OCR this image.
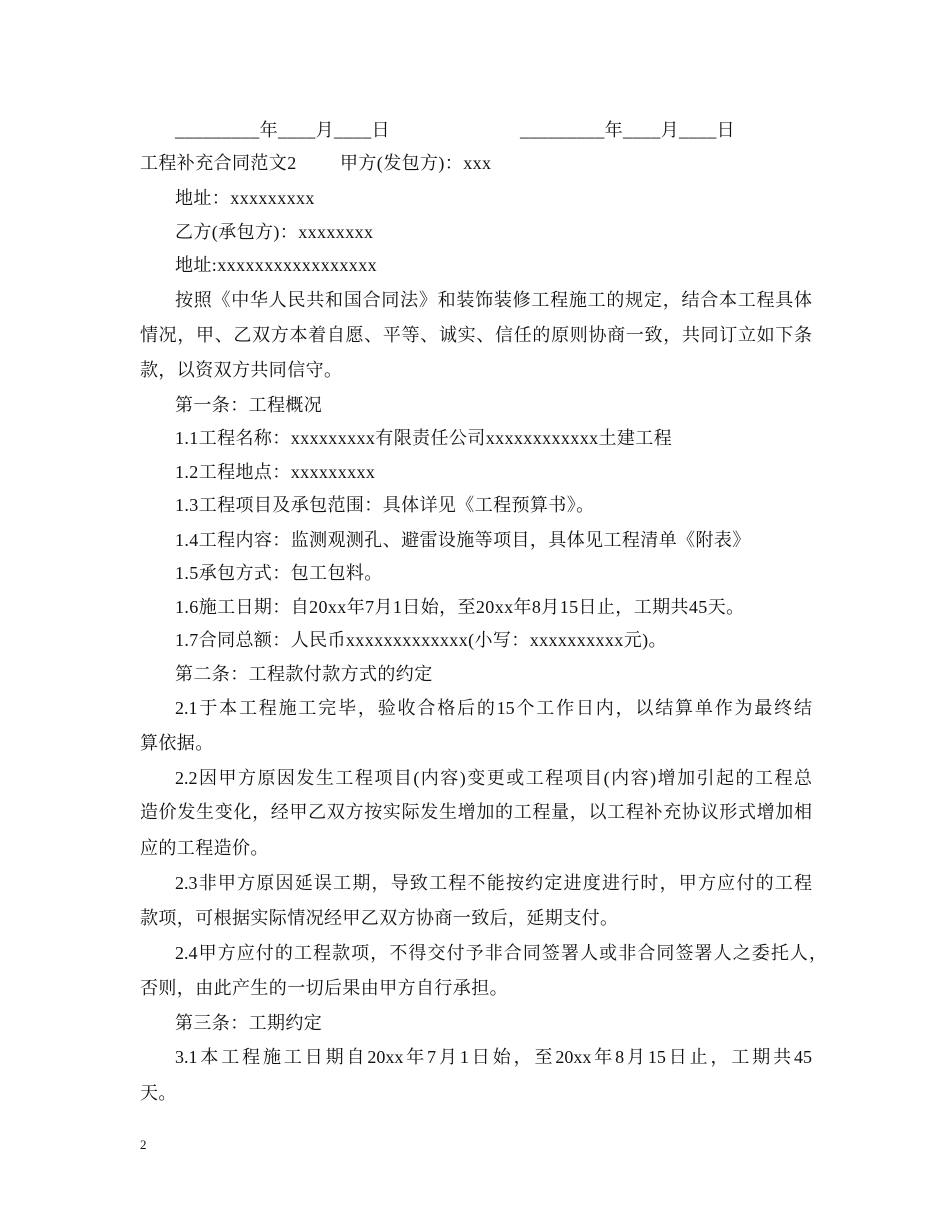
_________年____月____日	_________年____月____日
工程补充合同范文2 甲方(发包方)：xxx
地址：xxxxxxxxx
乙方(承包方)：xxxxxxxx
地址:xxxxxxxxxxxxxxxxx
按照《中华人民共和国合同法》和装饰装修工程施工的规定，结合本工程具体
情况，甲、乙双方本着自愿、平等、诚实、信任的原则协商一致，共同订立如下条
款，以资双方共同信守。
第一条：工程概况
1.1工程名称：xxxxxxxxx有限责任公司xxxxxxxxxxxx土建工程
1.2工程地点：xxxxxxxxx
1.3工程项目及承包范围：具体详见《工程预算书》。
1.4工程内容：监测观测孔、避雷设施等项目，具体见工程清单《附表》
1.5承包方式：包工包料。
1.6施工日期：自20xx年7月1日始，至20xx年8月15日止，工期共45天。
1.7合同总额：人民币xxxxxxxxxxxxx(小写：xxxxxxxxxx元)。
第二条：工程款付款方式的约定
2.1于本工程施工完毕，验收合格后的15个工作日内，以结算单作为最终结
算依据。
2.2因甲方原因发生工程项目(内容)变更或工程项目(内容)增加引起的工程总
造价发生变化，经甲乙双方按实际发生增加的工程量，以工程补充协议形式增加相
应的工程造价。
2.3非甲方原因延误工期，导致工程不能按约定进度进行时，甲方应付的工程
款项，可根据实际情况经甲乙双方协商一致后，延期支付。
2.4甲方应付的工程款项，不得交付予非合同签署人或非合同签署人之委托人，
否则，由此产生的一切后果由甲方自行承担。
第三条：工期约定
3.1本工程施工日期自20xx年7月1日始，至20xx年8月15日止，工期共45
天。
2
